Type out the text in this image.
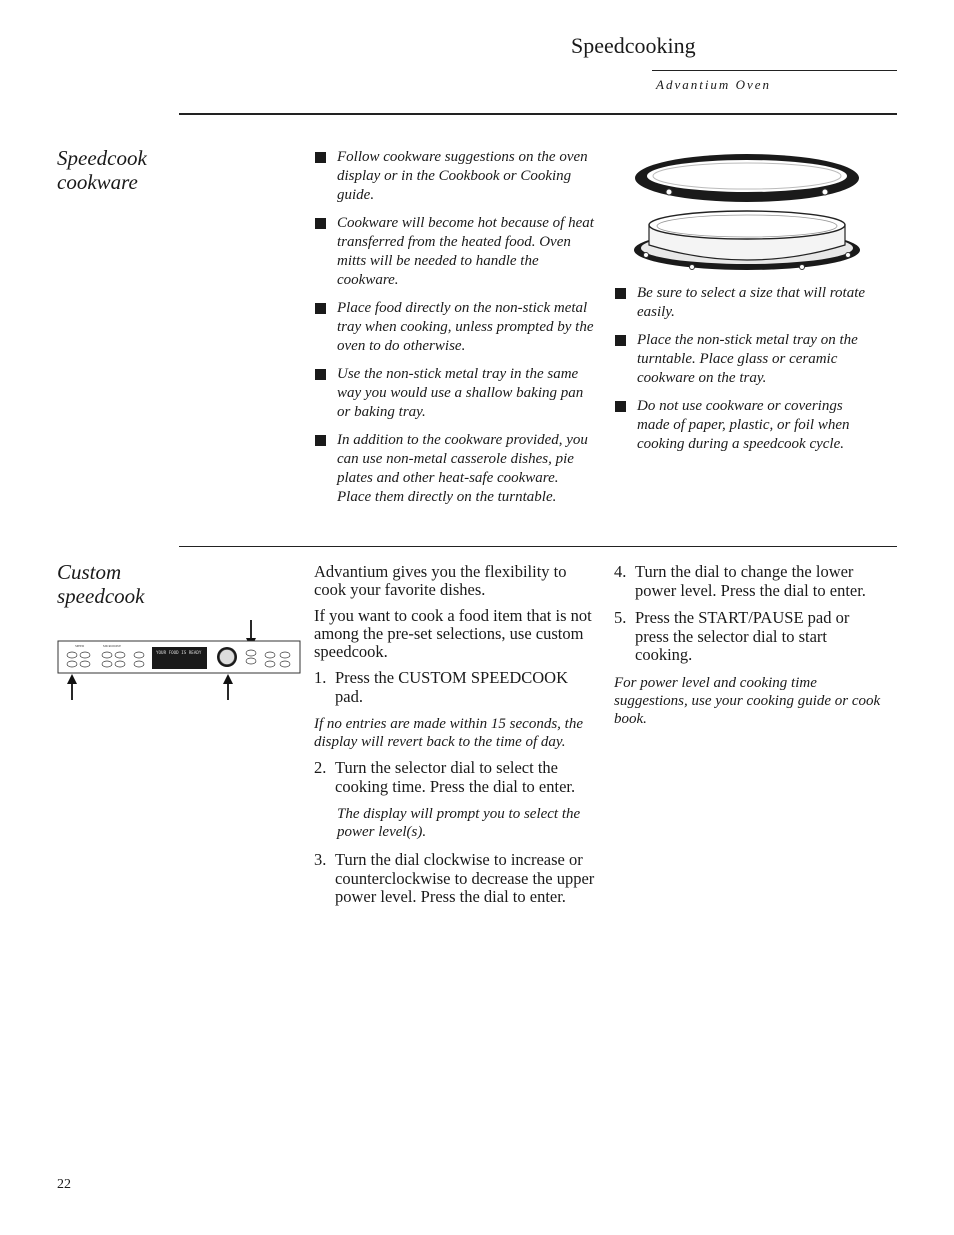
Speedcooking
Advantium Oven
Speedcook
cookware
Follow cookware suggestions on the oven display or in the Cookbook or Cooking guide.
Cookware will become hot because of heat transferred from the heated food. Oven mitts will be needed to handle the cookware.
Place food directly on the non-stick metal tray when cooking, unless prompted by the oven to do otherwise.
Use the non-stick metal tray in the same way you would use a shallow baking pan or baking tray.
In addition to the cookware provided, you can use non-metal casserole dishes, pie plates and other heat-safe cookware. Place them directly on the turntable.
Be sure to select a size that will rotate easily.
Place the non-stick metal tray on the turntable. Place glass or ceramic cookware on the tray.
Do not use cookware or coverings made of paper, plastic, or foil when cooking during a speedcook cycle.
Custom
speedcook
SPEED	MICROWAVE
YOUR FOOD IS READY

Advantium gives you the flexibility to cook your favorite dishes.

If you want to cook a food item that is not among the pre-set selections, use custom speedcook.

1. Press the CUSTOM SPEEDCOOK pad.

If no entries are made within 15 seconds, the display will revert back to the time of day.

2. Turn the selector dial to select the cooking time. Press the dial to enter.
The display will prompt you to select the power level(s).
3. Turn the dial clockwise to increase or counterclockwise to decrease the upper power level. Press the dial to enter.
4. Turn the dial to change the lower power level. Press the dial to enter.
5. Press the START/PAUSE pad or press the selector dial to start cooking.

For power level and cooking time suggestions, use your cooking guide or cook book.

22
